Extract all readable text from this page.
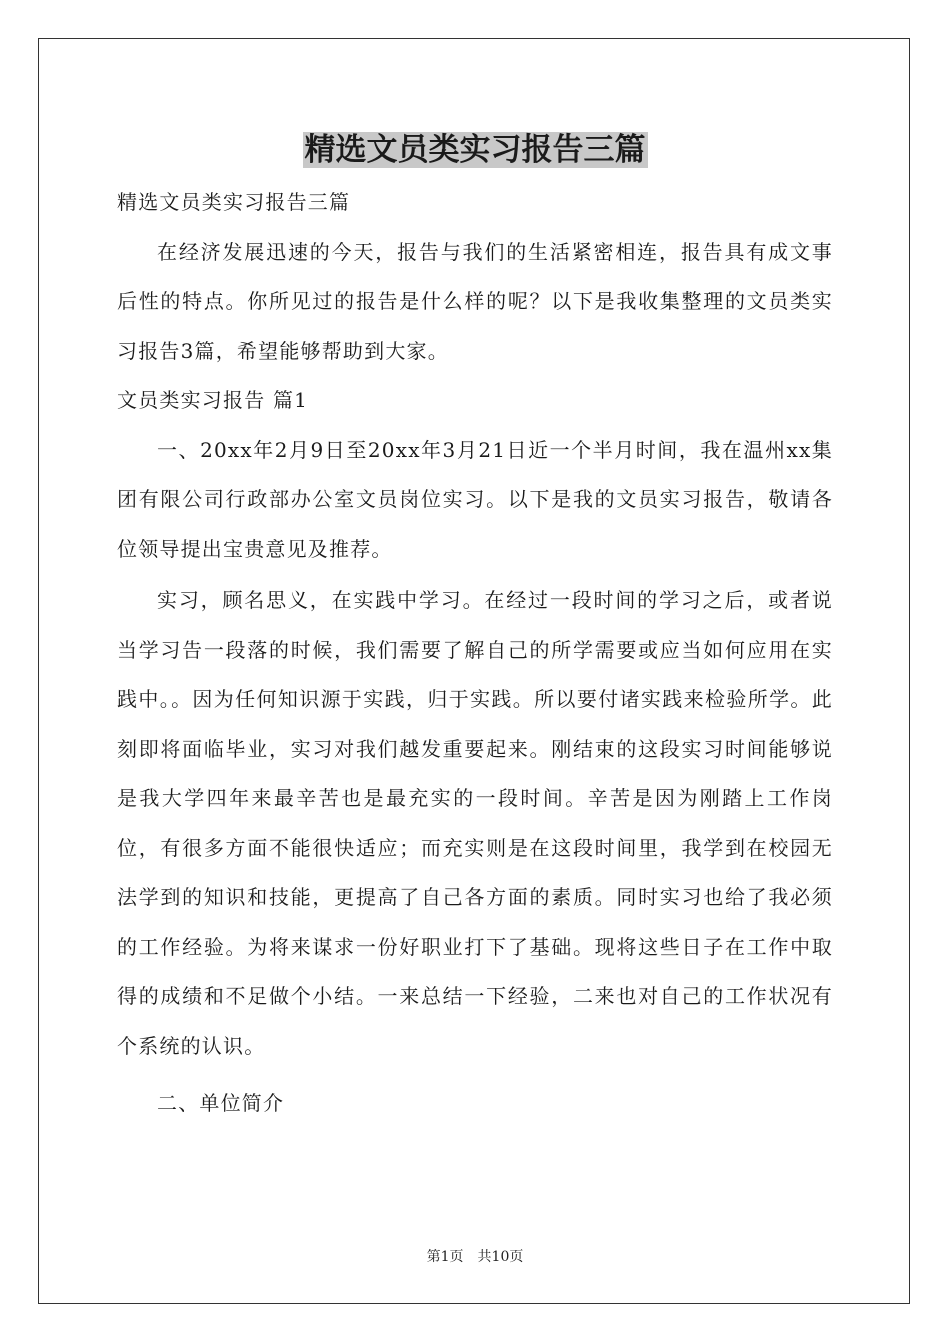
精选文员类实习报告三篇
精选文员类实习报告三篇

在经济发展迅速的今天，报告与我们的生活紧密相连，报告具有成文事后性的特点。你所见过的报告是什么样的呢？以下是我收集整理的文员类实习报告3篇，希望能够帮助到大家。

文员类实习报告 篇1

一、20xx年2月9日至20xx年3月21日近一个半月时间，我在温州xx集团有限公司行政部办公室文员岗位实习。以下是我的文员实习报告，敬请各位领导提出宝贵意见及推荐。

实习，顾名思义，在实践中学习。在经过一段时间的学习之后，或者说当学习告一段落的时候，我们需要了解自己的所学需要或应当如何应用在实践中。。因为任何知识源于实践，归于实践。所以要付诸实践来检验所学。此刻即将面临毕业，实习对我们越发重要起来。刚结束的这段实习时间能够说是我大学四年来最辛苦也是最充实的一段时间。辛苦是因为刚踏上工作岗位，有很多方面不能很快适应；而充实则是在这段时间里，我学到在校园无法学到的知识和技能，更提高了自己各方面的素质。同时实习也给了我必须的工作经验。为将来谋求一份好职业打下了基础。现将这些日子在工作中取得的成绩和不足做个小结。一来总结一下经验，二来也对自己的工作状况有个系统的认识。

二、单位简介
第1页　共10页
